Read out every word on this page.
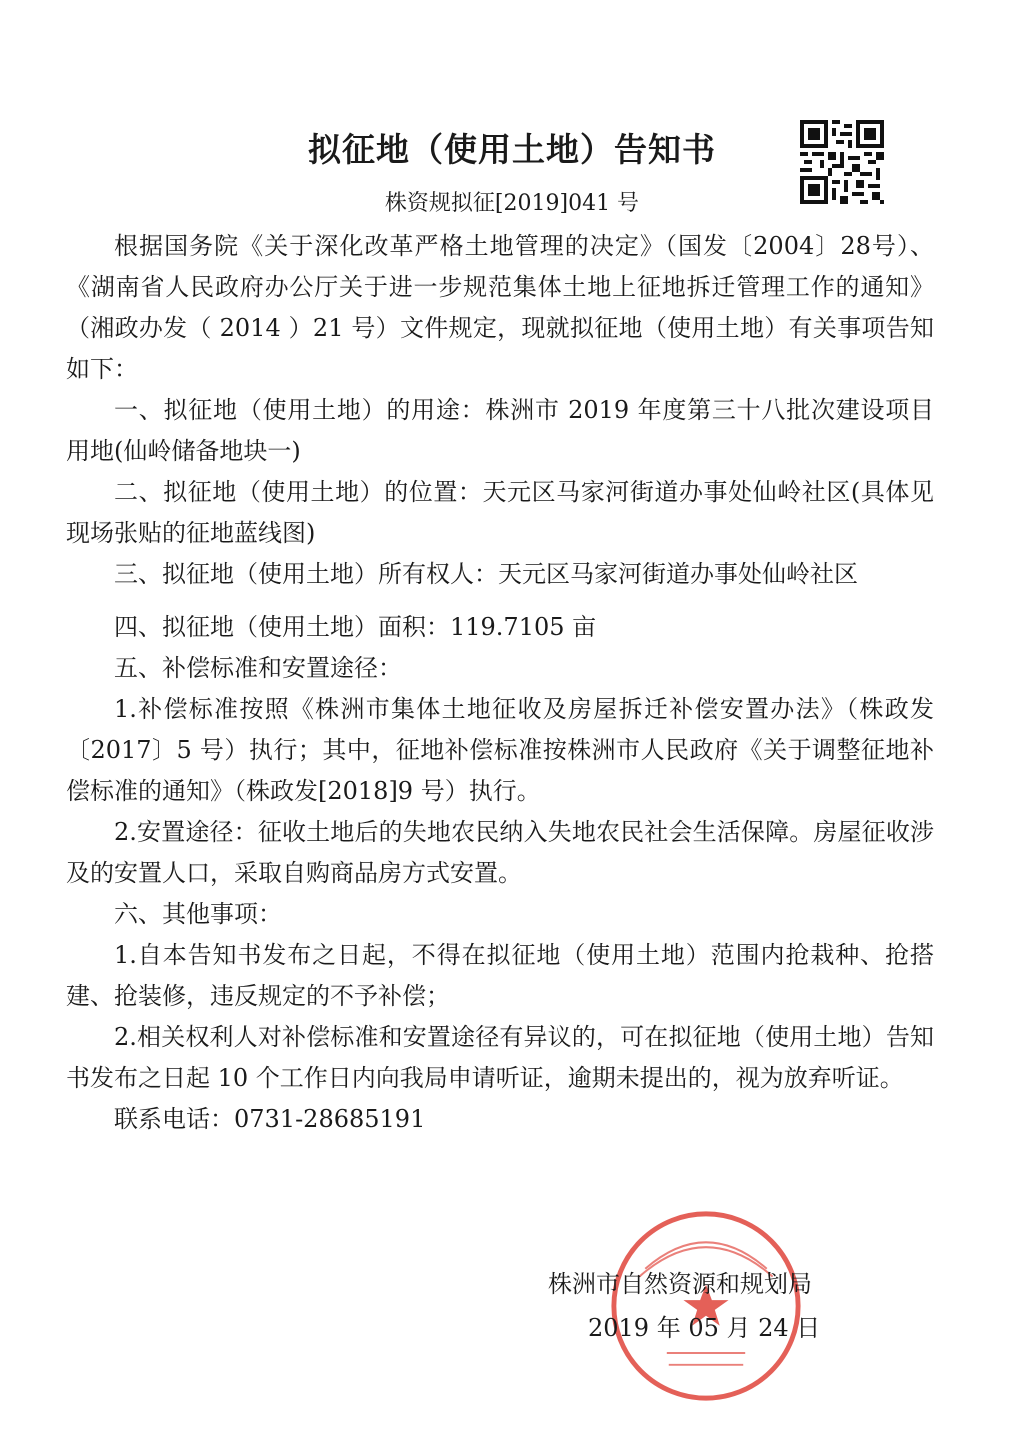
拟征地（使用土地）告知书
株资规拟征[2019]041 号

根据国务院《关于深化改革严格土地管理的决定》（国发〔2004〕28号）、《湖南省人民政府办公厅关于进一步规范集体土地上征地拆迁管理工作的通知》（湘政办发（ 2014 ）21 号）文件规定，现就拟征地（使用土地）有关事项告知如下：

一、拟征地（使用土地）的用途：株洲市 2019 年度第三十八批次建设项目用地(仙岭储备地块一)

二、拟征地（使用土地）的位置：天元区马家河街道办事处仙岭社区(具体见现场张贴的征地蓝线图)

三、拟征地（使用土地）所有权人：天元区马家河街道办事处仙岭社区

四、拟征地（使用土地）面积：119.7105 亩

五、补偿标准和安置途径：

1.补偿标准按照《株洲市集体土地征收及房屋拆迁补偿安置办法》（株政发〔2017〕5 号）执行；其中，征地补偿标准按株洲市人民政府《关于调整征地补偿标准的通知》（株政发[2018]9 号）执行。

2.安置途径：征收土地后的失地农民纳入失地农民社会生活保障。房屋征收涉及的安置人口，采取自购商品房方式安置。

六、其他事项：

1.自本告知书发布之日起，不得在拟征地（使用土地）范围内抢栽种、抢搭建、抢装修，违反规定的不予补偿；

2.相关权利人对补偿标准和安置途径有异议的，可在拟征地（使用土地）告知书发布之日起 10 个工作日内向我局申请听证，逾期未提出的，视为放弃听证。

联系电话：0731-28685191

株洲市自然资源和规划局
2019 年 05 月 24 日
